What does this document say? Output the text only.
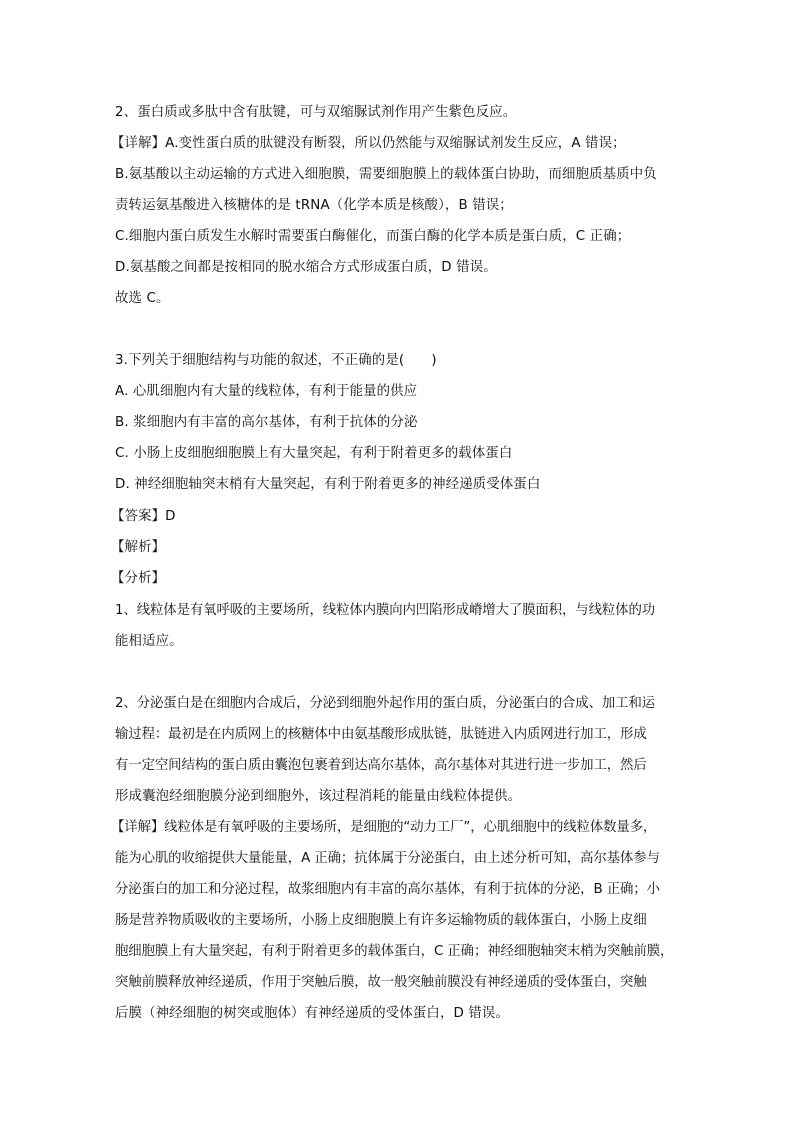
2、蛋白质或多肽中含有肽键，可与双缩脲试剂作用产生紫色反应。
【详解】A.变性蛋白质的肽键没有断裂，所以仍然能与双缩脲试剂发生反应，A 错误；
B.氨基酸以主动运输的方式进入细胞膜，需要细胞膜上的载体蛋白协助，而细胞质基质中负
责转运氨基酸进入核糖体的是 tRNA（化学本质是核酸），B 错误；
C.细胞内蛋白质发生水解时需要蛋白酶催化，而蛋白酶的化学本质是蛋白质，C 正确；
D.氨基酸之间都是按相同的脱水缩合方式形成蛋白质，D 错误。
故选 C。
3.下列关于细胞结构与功能的叙述，不正确的是(　　)
A. 心肌细胞内有大量的线粒体，有利于能量的供应
B. 浆细胞内有丰富的高尔基体，有利于抗体的分泌
C. 小肠上皮细胞细胞膜上有大量突起，有利于附着更多的载体蛋白
D. 神经细胞轴突末梢有大量突起，有利于附着更多的神经递质受体蛋白
【答案】D
【解析】
【分析】
1、线粒体是有氧呼吸的主要场所，线粒体内膜向内凹陷形成嵴增大了膜面积，与线粒体的功
能相适应。
2、分泌蛋白是在细胞内合成后，分泌到细胞外起作用的蛋白质，分泌蛋白的合成、加工和运
输过程：最初是在内质网上的核糖体中由氨基酸形成肽链，肽链进入内质网进行加工，形成
有一定空间结构的蛋白质由囊泡包裹着到达高尔基体，高尔基体对其进行进一步加工，然后
形成囊泡经细胞膜分泌到细胞外，该过程消耗的能量由线粒体提供。
【详解】线粒体是有氧呼吸的主要场所，是细胞的“动力工厂”，心肌细胞中的线粒体数量多，
能为心肌的收缩提供大量能量，A 正确；抗体属于分泌蛋白，由上述分析可知，高尔基体参与
分泌蛋白的加工和分泌过程，故浆细胞内有丰富的高尔基体，有利于抗体的分泌，B 正确；小
肠是营养物质吸收的主要场所，小肠上皮细胞膜上有许多运输物质的载体蛋白，小肠上皮细
胞细胞膜上有大量突起，有利于附着更多的载体蛋白，C 正确；神经细胞轴突末梢为突触前膜，
突触前膜释放神经递质，作用于突触后膜，故一般突触前膜没有神经递质的受体蛋白，突触
后膜（神经细胞的树突或胞体）有神经递质的受体蛋白，D 错误。
